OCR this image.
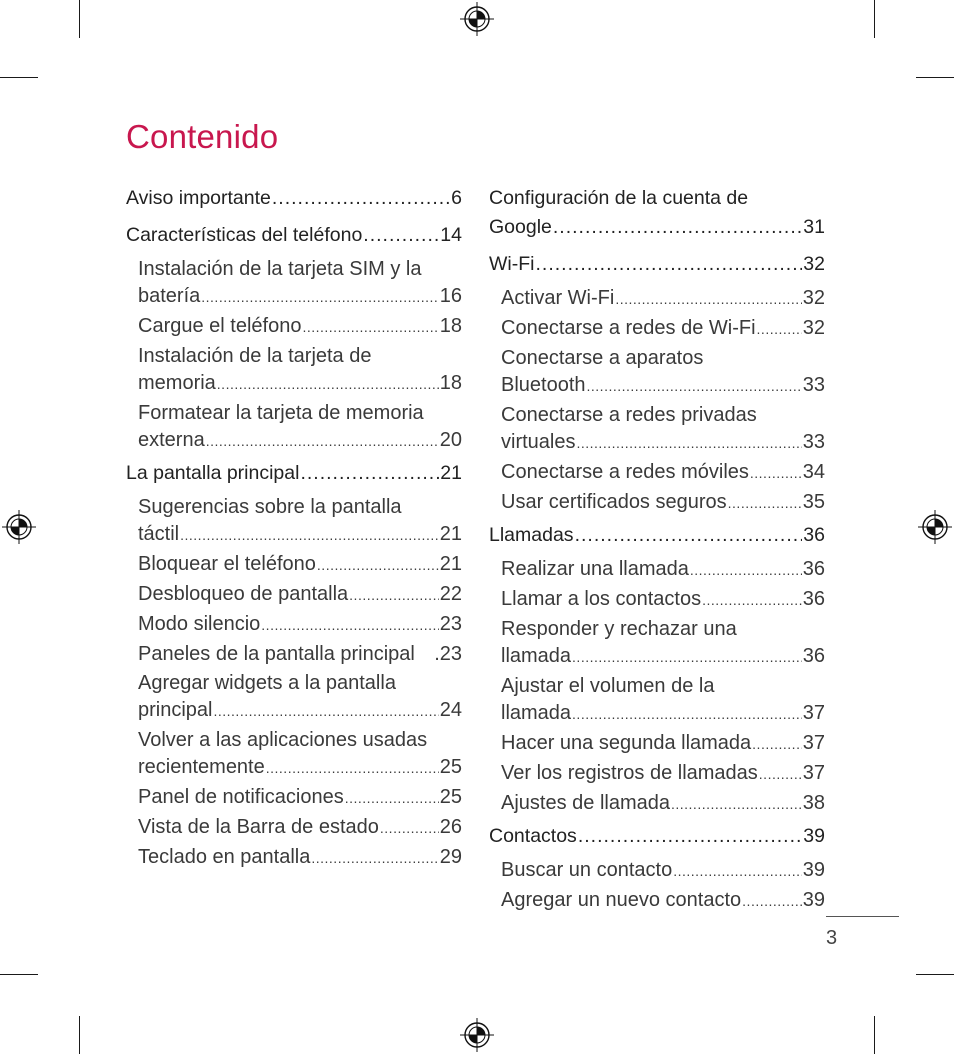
Contenido
Aviso importante .....	6
Características del teléfono .....	14
Instalación de la tarjeta SIM y la
batería .....	16
Cargue el teléfono .....	18
Instalación de la tarjeta de
memoria .....	18
Formatear la tarjeta de memoria
externa .....	20
La pantalla principal .....	21
Sugerencias sobre la pantalla
táctil .....	21
Bloquear el teléfono .....	21
Desbloqueo de pantalla .....	22
Modo silencio .....	23
Paneles de la pantalla principal .23
Agregar widgets a la pantalla
principal .....	24
Volver a las aplicaciones usadas
recientemente .....	25
Panel de notificaciones .....	25
Vista de la Barra de estado .....	26
Teclado en pantalla .....	29
Configuración de la cuenta de
Google .....	31
Wi-Fi .....	32
Activar Wi-Fi .....	32
Conectarse a redes de Wi-Fi ..... 32
Conectarse a aparatos
Bluetooth .....	33
Conectarse a redes privadas
virtuales .....	33
Conectarse a redes móviles .....	34
Usar certificados seguros .....	35
Llamadas .....	36
Realizar una llamada .....	36
Llamar a los contactos .....	36
Responder y rechazar una
llamada .....	36
Ajustar el volumen de la
llamada .....	37
Hacer una segunda llamada .....	37
Ver los registros de llamadas ..... 37
Ajustes de llamada .....	38
Contactos .....	39
Buscar un contacto .....	39
Agregar un nuevo contacto .....	39
3
